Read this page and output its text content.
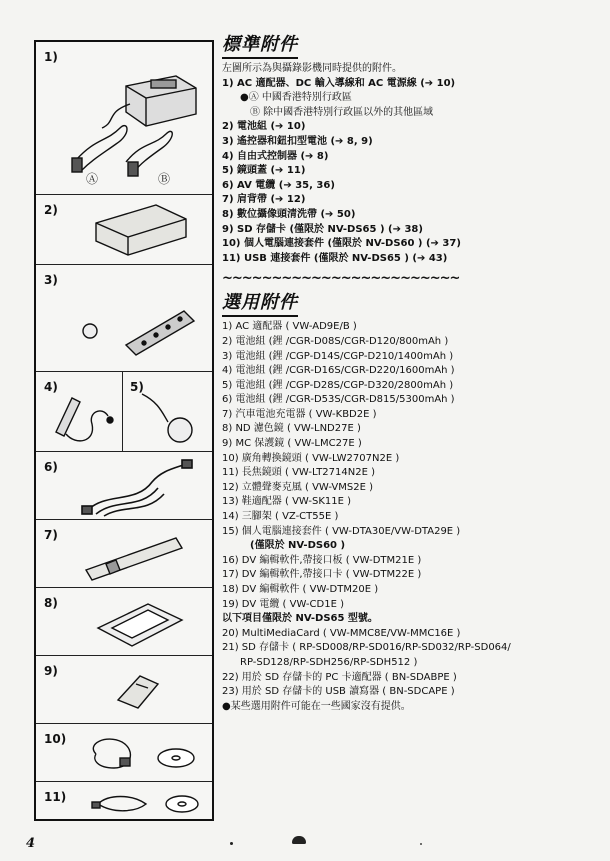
1)
Ⓐ	Ⓑ
2)
3)
4)	5)
6)
7)
8)
9)
10)
11)
標準附件
左圖所示為與攝錄影機同時提供的附件。
1) AC 適配器、DC 輸入導線和 AC 電源線 (➔ 10)
●Ⓐ 中國香港特別行政區
Ⓑ 除中國香港特別行政區以外的其他區域
2) 電池組 (➔ 10)
3) 遙控器和鈕扣型電池 (➔ 8, 9)
4) 自由式控制器 (➔ 8)
5) 鏡頭蓋 (➔ 11)
6) AV 電纜 (➔ 35, 36)
7) 肩背帶 (➔ 12)
8) 數位攝像頭清洗帶 (➔ 50)
9) SD 存儲卡 (僅限於 NV-DS65 ) (➔ 38)
10) 個人電腦連接套件 (僅限於 NV-DS60 ) (➔ 37)
11) USB 連接套件 (僅限於 NV-DS65 ) (➔ 43)
~~~~~~~~~~~~~~~~~~~~~~~~
選用附件
1) AC 適配器 ( VW-AD9E/B )
2) 電池組 (鋰 /CGR-D08S/CGR-D120/800mAh )
3) 電池組 (鋰 /CGP-D14S/CGP-D210/1400mAh )
4) 電池組 (鋰 /CGR-D16S/CGR-D220/1600mAh )
5) 電池組 (鋰 /CGP-D28S/CGP-D320/2800mAh )
6) 電池組 (鋰 /CGR-D53S/CGR-D815/5300mAh )
7) 汽車電池充電器 ( VW-KBD2E )
8) ND 濾色鏡 ( VW-LND27E )
9) MC 保護鏡 ( VW-LMC27E )
10) 廣角轉換鏡頭 ( VW-LW2707N2E )
11) 長焦鏡頭 ( VW-LT2714N2E )
12) 立體聲麥克風 ( VW-VMS2E )
13) 鞋適配器 ( VW-SK11E )
14) 三腳架 ( VZ-CT55E )
15) 個人電腦連接套件 ( VW-DTA30E/VW-DTA29E )
(僅限於 NV-DS60 )
16) DV 編輯軟件,帶接口板 ( VW-DTM21E )
17) DV 編輯軟件,帶接口卡 ( VW-DTM22E )
18) DV 編輯軟件 ( VW-DTM20E )
19) DV 電纜 ( VW-CD1E )
以下項目僅限於 NV-DS65 型號。
20) MultiMediaCard ( VW-MMC8E/VW-MMC16E )
21) SD 存儲卡 ( RP-SD008/RP-SD016/RP-SD032/RP-SD064/
RP-SD128/RP-SDH256/RP-SDH512 )
22) 用於 SD 存儲卡的 PC 卡適配器 ( BN-SDABPE )
23) 用於 SD 存儲卡的 USB 讀寫器 ( BN-SDCAPE )
●某些選用附件可能在一些國家沒有提供。
4
